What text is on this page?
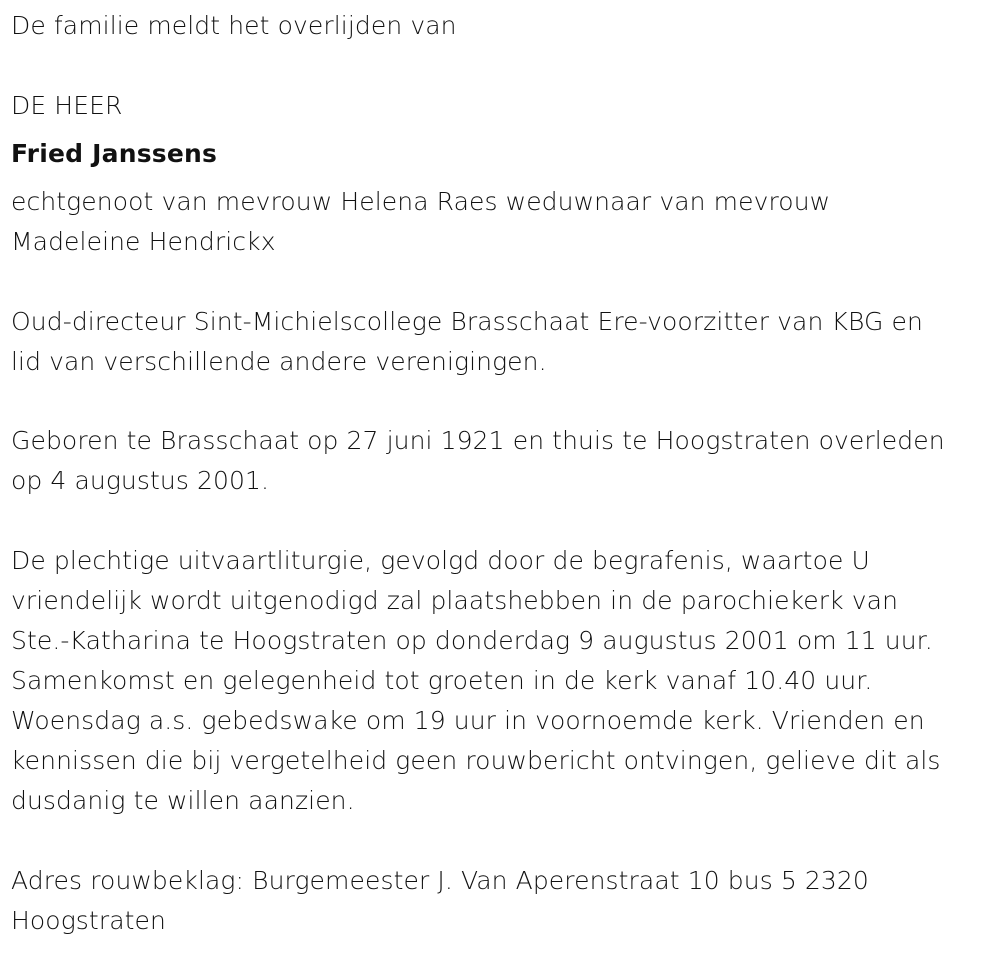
De familie meldt het overlijden van
DE HEER
Fried Janssens
echtgenoot van mevrouw Helena Raes weduwnaar van mevrouw
Madeleine Hendrickx
Oud-directeur Sint-Michielscollege Brasschaat Ere-voorzitter van KBG en
lid van verschillende andere verenigingen.
Geboren te Brasschaat op 27 juni 1921 en thuis te Hoogstraten overleden
op 4 augustus 2001.
De plechtige uitvaartliturgie, gevolgd door de begrafenis, waartoe U
vriendelijk wordt uitgenodigd zal plaatshebben in de parochiekerk van
Ste.-Katharina te Hoogstraten op donderdag 9 augustus 2001 om 11 uur.
Samenkomst en gelegenheid tot groeten in de kerk vanaf 10.40 uur.
Woensdag a.s. gebedswake om 19 uur in voornoemde kerk. Vrienden en
kennissen die bij vergetelheid geen rouwbericht ontvingen, gelieve dit als
dusdanig te willen aanzien.
Adres rouwbeklag: Burgemeester J. Van Aperenstraat 10 bus 5 2320
Hoogstraten
